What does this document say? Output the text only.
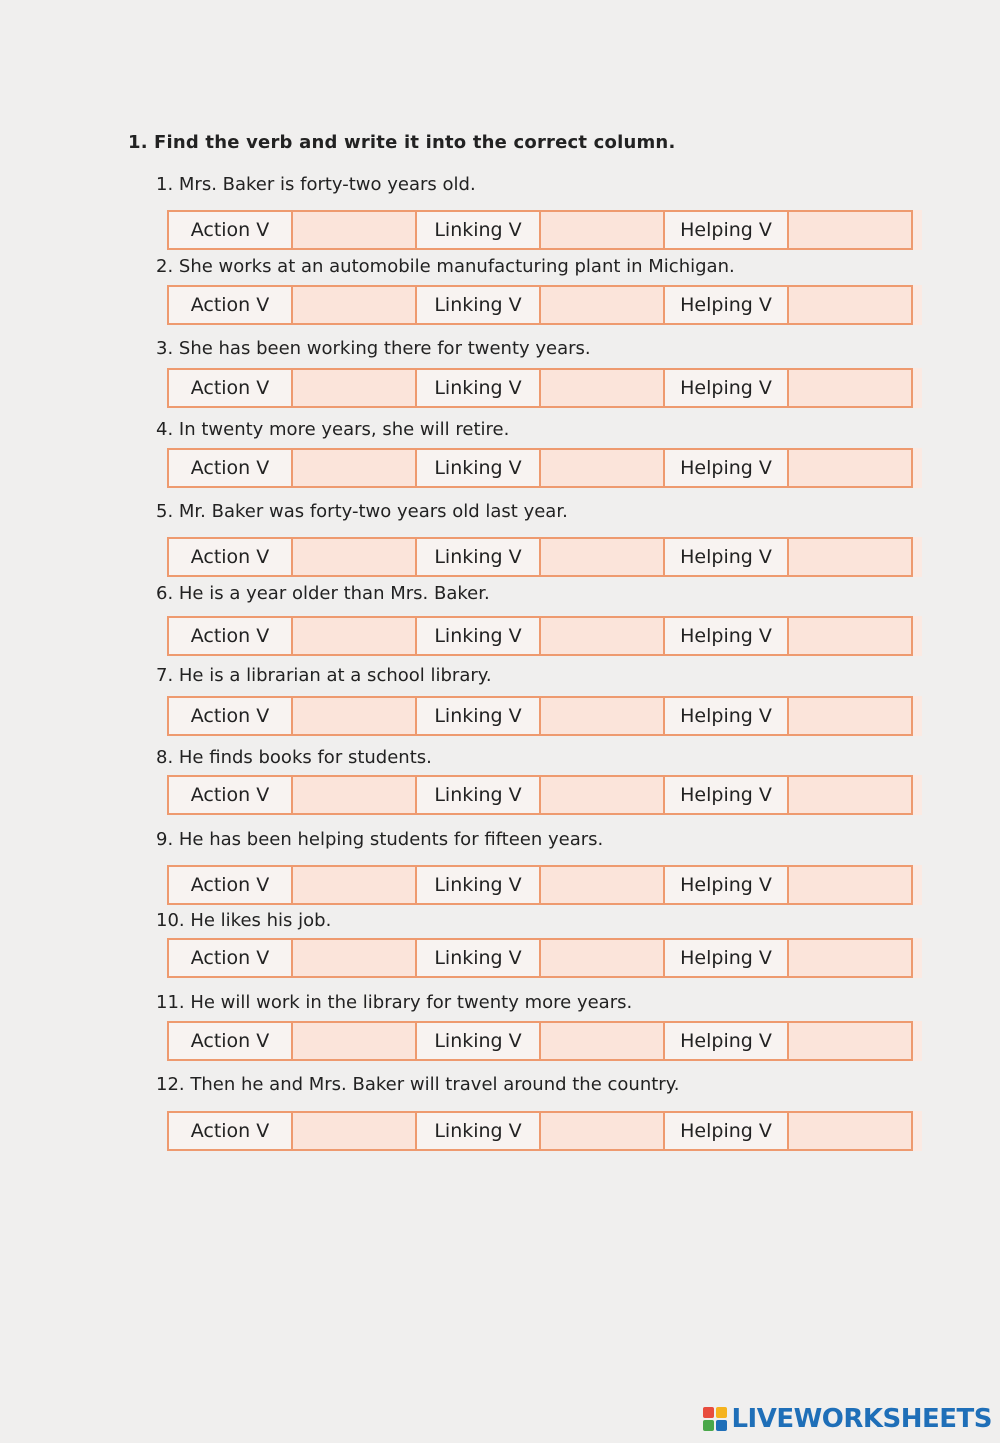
1. Find the verb and write it into the correct column.
1. Mrs. Baker is forty-two years old.
Action V	Linking V	Helping V
2. She works at an automobile manufacturing plant in Michigan.
Action V	Linking V	Helping V
3. She has been working there for twenty years.
Action V	Linking V	Helping V
4. In twenty more years, she will retire.
Action V	Linking V	Helping V
5. Mr. Baker was forty-two years old last year.
Action V	Linking V	Helping V
6. He is a year older than Mrs. Baker.
Action V	Linking V	Helping V
7. He is a librarian at a school library.
Action V	Linking V	Helping V
8. He finds books for students.
Action V	Linking V	Helping V
9. He has been helping students for fifteen years.
Action V	Linking V	Helping V
10. He likes his job.
Action V	Linking V	Helping V
11. He will work in the library for twenty more years.
Action V	Linking V	Helping V
12. Then he and Mrs. Baker will travel around the country.
Action V	Linking V	Helping V
LIVEWORKSHEETS
